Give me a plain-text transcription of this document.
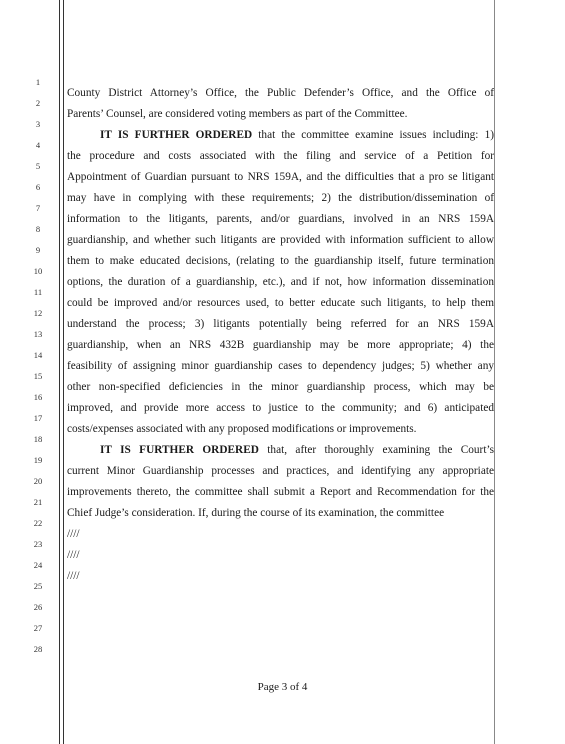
1
2
3
4
5
6
7
8
9
10
11
12
13
14
15
16
17
18
19
20
21
22
23
24
25
26
27
28
County District Attorney’s Office, the Public Defender’s Office, and the Office of
Parents’ Counsel, are considered voting members as part of the Committee.
IT IS FURTHER ORDERED that the committee examine issues including: 1)
the procedure and costs associated with the filing and service of a Petition for
Appointment of Guardian pursuant to NRS 159A, and the difficulties that a pro se litigant
may have in complying with these requirements; 2) the distribution/dissemination of
information to the litigants, parents, and/or guardians, involved in an NRS 159A
guardianship, and whether such litigants are provided with information sufficient to allow
them to make educated decisions, (relating to the guardianship itself, future termination
options, the duration of a guardianship, etc.), and if not, how information dissemination
could be improved and/or resources used, to better educate such litigants, to help them
understand the process; 3) litigants potentially being referred for an NRS 159A
guardianship, when an NRS 432B guardianship may be more appropriate; 4) the
feasibility of assigning minor guardianship cases to dependency judges; 5) whether any
other non-specified deficiencies in the minor guardianship process, which may be
improved, and provide more access to justice to the community; and 6) anticipated
costs/expenses associated with any proposed modifications or improvements.
IT IS FURTHER ORDERED that, after thoroughly examining the Court’s
current Minor Guardianship processes and practices, and identifying any appropriate
improvements thereto, the committee shall submit a Report and Recommendation for the
Chief Judge’s consideration. If, during the course of its examination, the committee
////
////
////
Page 3 of 4
